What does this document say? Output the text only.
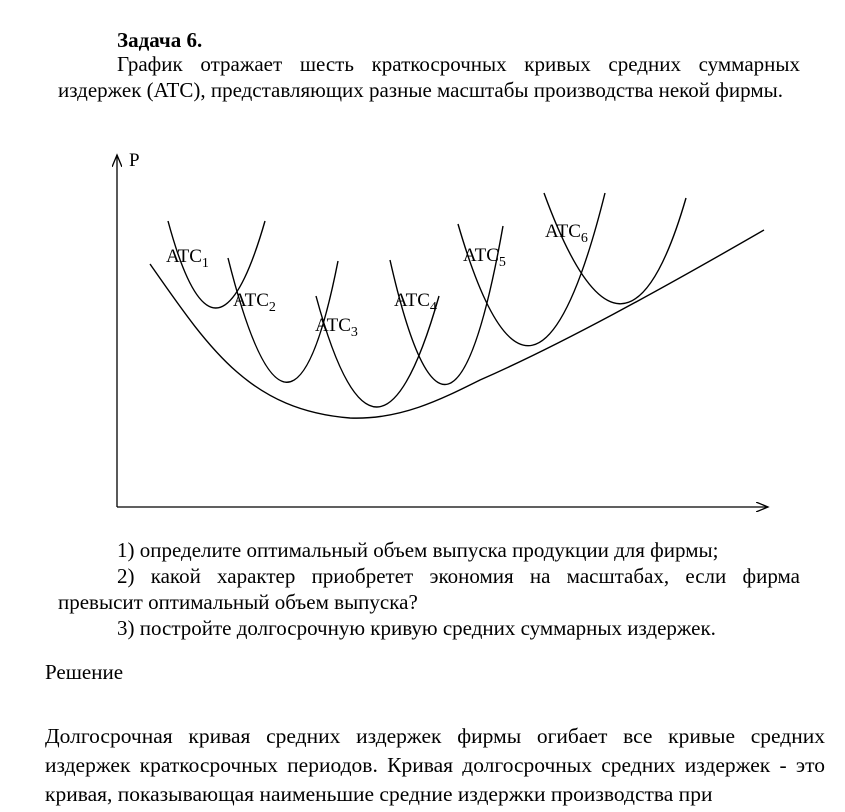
Задача 6.

График отражает шесть краткосрочных кривых средних суммарных издержек (ATC), представляющих разные масштабы производства некой фирмы.

P
$ATC_1$
$ATC_2$
$ATC_3$
$ATC_4$
$ATC_5$
$ATC_6$

1) определите оптимальный объем выпуска продукции для фирмы;

2) какой характер приобретет экономия на масштабах, если фирма превысит оптимальный объем выпуска?

3) постройте долгосрочную кривую средних суммарных издержек.

Решение

Долгосрочная кривая средних издержек фирмы огибает все кривые средних издержек краткосрочных периодов. Кривая долгосрочных средних издержек - это кривая, показывающая наименьшие средние издержки производства при
